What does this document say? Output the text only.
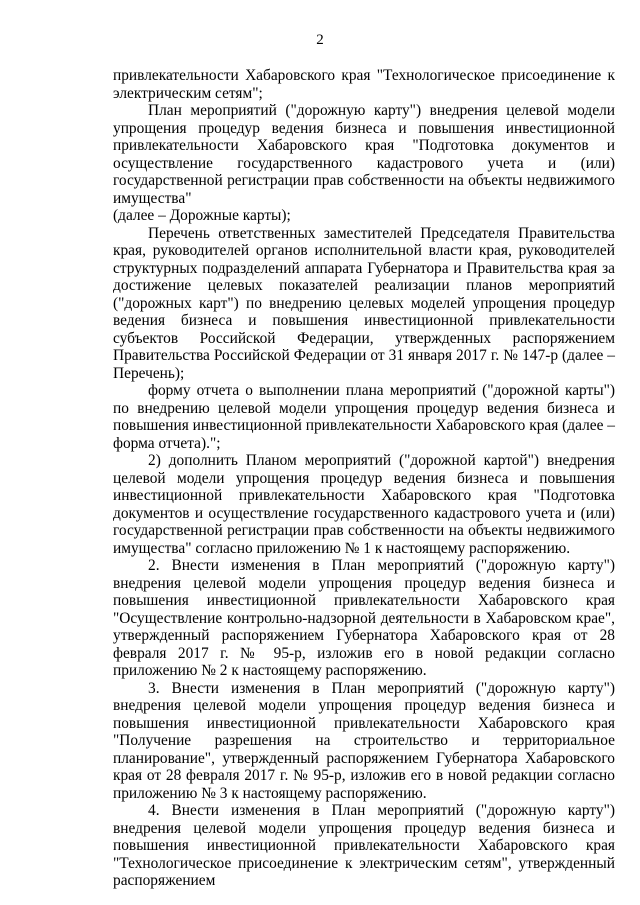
2

привлекательности Хабаровского края "Технологическое присоединение к электрическим сетям";

План мероприятий ("дорожную карту") внедрения целевой модели упрощения процедур ведения бизнеса и повышения инвестиционной привлекательности Хабаровского края "Подготовка документов и осуществление государственного кадастрового учета и (или) государственной регистрации прав собственности на объекты недвижимого имущества"

(далее – Дорожные карты);

Перечень ответственных заместителей Председателя Правительства края, руководителей органов исполнительной власти края, руководителей структурных подразделений аппарата Губернатора и Правительства края за достижение целевых показателей реализации планов мероприятий ("дорожных карт") по внедрению целевых моделей упрощения процедур ведения бизнеса и повышения инвестиционной привлекательности субъектов Российской Федерации, утвержденных распоряжением Правительства Российской Федерации от 31 января 2017 г. № 147-р (далее – Перечень);

форму отчета о выполнении плана мероприятий ("дорожной карты") по внедрению целевой модели упрощения процедур ведения бизнеса и повышения инвестиционной привлекательности Хабаровского края (далее – форма отчета).";

2) дополнить Планом мероприятий ("дорожной картой") внедрения целевой модели упрощения процедур ведения бизнеса и повышения инвестиционной привлекательности Хабаровского края "Подготовка документов и осуществление государственного кадастрового учета и (или) государственной регистрации прав собственности на объекты недвижимого имущества" согласно приложению № 1 к настоящему распоряжению.

2. Внести изменения в План мероприятий ("дорожную карту") внедрения целевой модели упрощения процедур ведения бизнеса и повышения инвестиционной привлекательности Хабаровского края "Осуществление контрольно-надзорной деятельности в Хабаровском крае", утвержденный распоряжением Губернатора Хабаровского края от 28 февраля 2017 г. № 95-р, изложив его в новой редакции согласно приложению № 2 к настоящему распоряжению.

3. Внести изменения в План мероприятий ("дорожную карту") внедрения целевой модели упрощения процедур ведения бизнеса и повышения инвестиционной привлекательности Хабаровского края "Получение разрешения на строительство и территориальное планирование", утвержденный распоряжением Губернатора Хабаровского края от 28 февраля 2017 г. № 95-р, изложив его в новой редакции согласно приложению № 3 к настоящему распоряжению.

4. Внести изменения в План мероприятий ("дорожную карту") внедрения целевой модели упрощения процедур ведения бизнеса и повышения инвестиционной привлекательности Хабаровского края "Технологическое присоединение к электрическим сетям", утвержденный распоряжением
